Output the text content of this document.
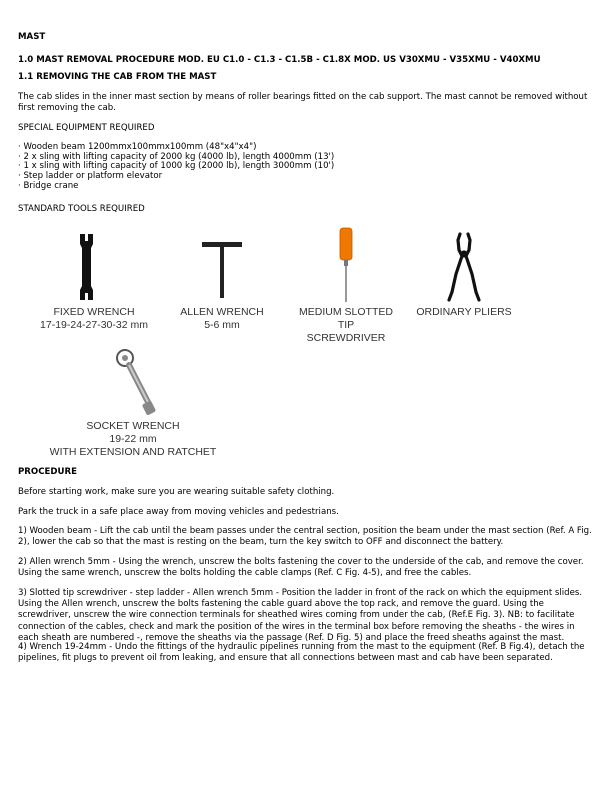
MAST

1.0 MAST REMOVAL PROCEDURE MOD. EU C1.0 - C1.3 - C1.5B - C1.8X MOD. US V30XMU - V35XMU - V40XMU

1.1 REMOVING THE CAB FROM THE MAST

The cab slides in the inner mast section by means of roller bearings fitted on the cab support. The mast cannot be removed without first removing the cab.

SPECIAL EQUIPMENT REQUIRED

· Wooden beam 1200mmx100mmx100mm (48"x4"x4")
· 2 x sling with lifting capacity of 2000 kg (4000 lb), length 4000mm (13')
· 1 x sling with lifting capacity of 1000 kg (2000 lb), length 3000mm (10')
· Step ladder or platform elevator
· Bridge crane

STANDARD TOOLS REQUIRED

FIXED WRENCH
17-19-24-27-30-32 mm
ALLEN WRENCH
5-6 mm
MEDIUM SLOTTED
TIP
SCREWDRIVER
ORDINARY PLIERS
SOCKET WRENCH
19-22 mm
WITH EXTENSION AND RATCHET

PROCEDURE

Before starting work, make sure you are wearing suitable safety clothing.

Park the truck in a safe place away from moving vehicles and pedestrians.

1) Wooden beam - Lift the cab until the beam passes under the central section, position the beam under the mast section (Ref. A Fig. 2), lower the cab so that the mast is resting on the beam, turn the key switch to OFF and disconnect the battery.

2) Allen wrench 5mm - Using the wrench, unscrew the bolts fastening the cover to the underside of the cab, and remove the cover. Using the same wrench, unscrew the bolts holding the cable clamps (Ref. C Fig. 4-5), and free the cables.

3) Slotted tip screwdriver - step ladder - Allen wrench 5mm - Position the ladder in front of the rack on which the equipment slides. Using the Allen wrench, unscrew the bolts fastening the cable guard above the top rack, and remove the guard. Using the screwdriver, unscrew the wire connection terminals for sheathed wires coming from under the cab, (Ref.E Fig. 3). NB: to facilitate connection of the cables, check and mark the position of the wires in the terminal box before removing the sheaths - the wires in each sheath are numbered -, remove the sheaths via the passage (Ref. D Fig. 5) and place the freed sheaths against the mast.

4) Wrench 19-24mm - Undo the fittings of the hydraulic pipelines running from the mast to the equipment (Ref. B Fig.4), detach the pipelines, fit plugs to prevent oil from leaking, and ensure that all connections between mast and cab have been separated.
